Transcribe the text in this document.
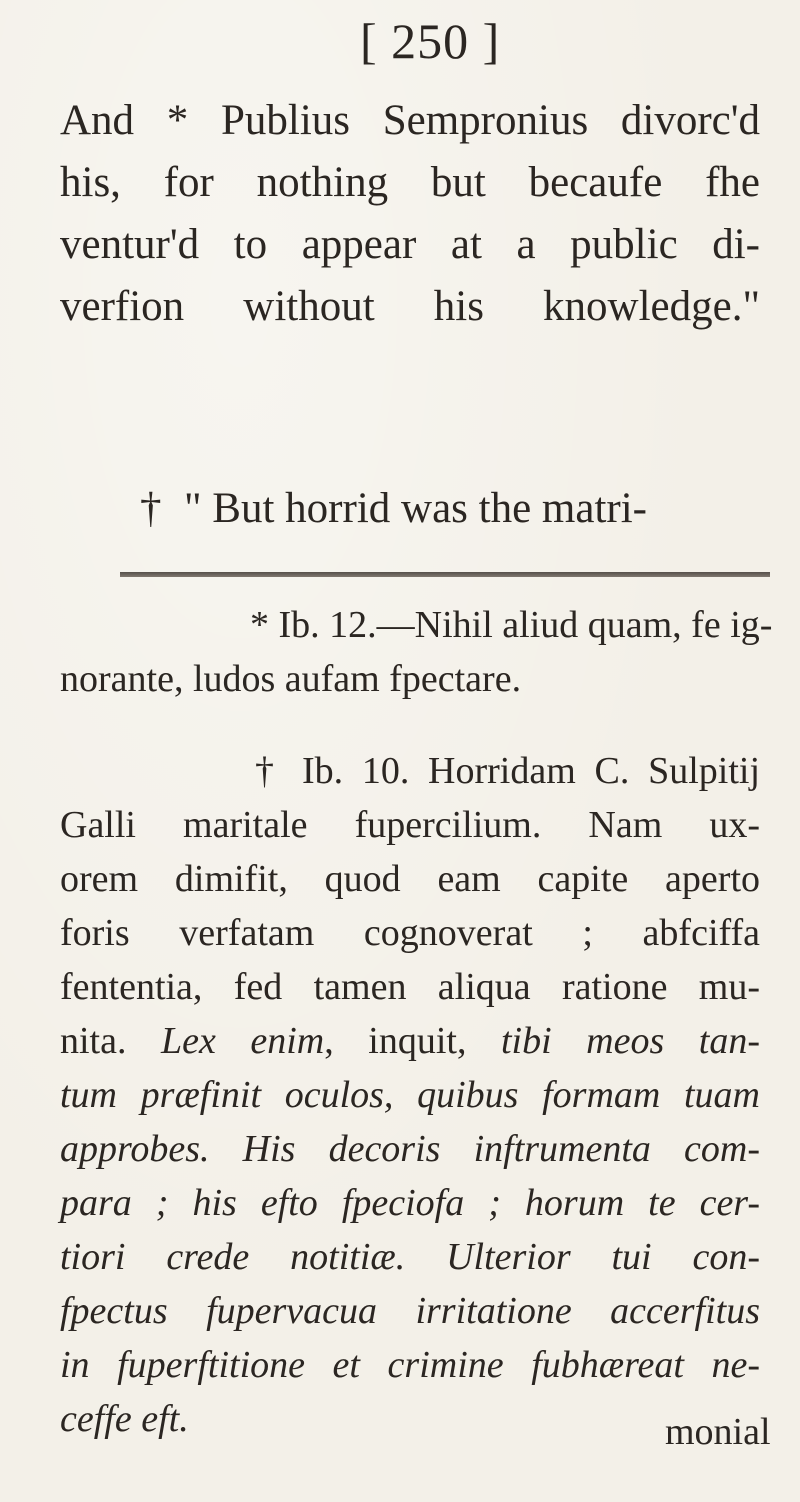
[ 250 ]
And * Publius Sempronius divorc'd
his, for nothing but becaufe fhe
ventur'd to appear at a public di-
verfion without his knowledge."
† " But horrid was the matri-
* Ib. 12.—Nihil aliud quam, fe ig-
norante, ludos aufam fpectare.
† Ib. 10. Horridam C. Sulpitij
Galli maritale fupercilium. Nam ux-
orem dimifit, quod eam capite aperto
foris verfatam cognoverat ; abfciffa
fententia, fed tamen aliqua ratione mu-
nita. Lex enim, inquit, tibi meos tan-
tum præfinit oculos, quibus formam tuam
approbes. His decoris inftrumenta com-
para ; his efto fpeciofa ; horum te cer-
tiori crede notitiæ. Ulterior tui con-
fpectus fupervacua irritatione accerfitus
in fuperftitione et crimine fubhæreat ne-
ceffe eft.	monial
